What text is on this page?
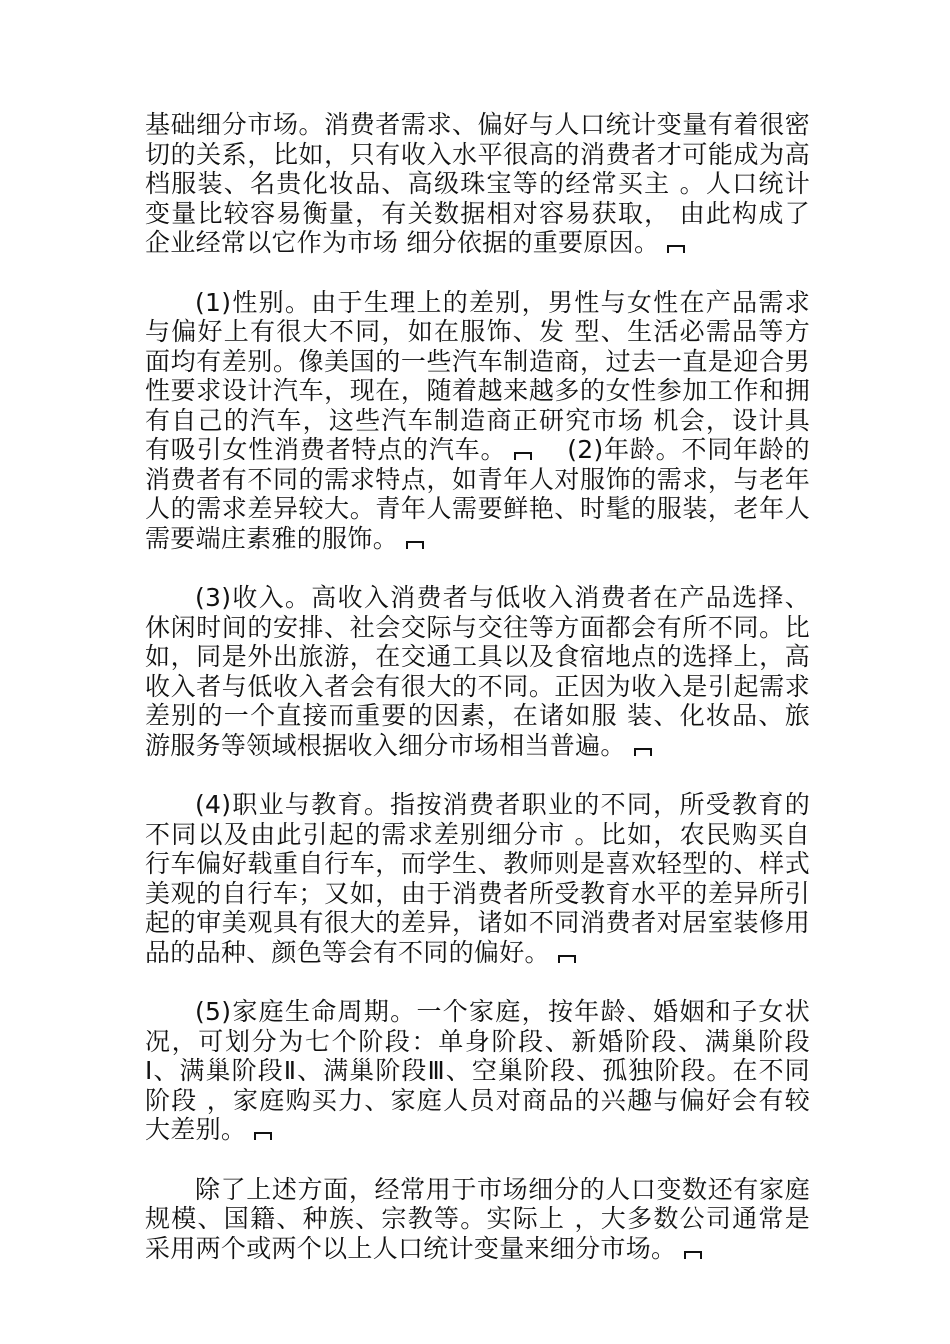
基础细分市场。消费者需求、偏好与人口统计变量有着很密切的关系，比如，只有收入水平很高的消费者才可能成为高档服装、名贵化妆品、高级珠宝等的经常买主 。人口统计变量比较容易衡量，有关数据相对容易获取， 由此构成了企业经常以它作为市场 细分依据的重要原因。

(1)性别。由于生理上的差别，男性与女性在产品需求与偏好上有很大不同，如在服饰、发 型、生活必需品等方面均有差别。像美国的一些汽车制造商，过去一直是迎合男性要求设计汽车，现在，随着越来越多的女性参加工作和拥有自己的汽车，这些汽车制造商正研究市场 机会，设计具有吸引女性消费者特点的汽车。 (2)年龄。不同年龄的消费者有不同的需求特点，如青年人对服饰的需求，与老年人的需求差异较大。青年人需要鲜艳、时髦的服装，老年人需要端庄素雅的服饰。

(3)收入。高收入消费者与低收入消费者在产品选择、休闲时间的安排、社会交际与交往等方面都会有所不同。比如，同是外出旅游，在交通工具以及食宿地点的选择上，高收入者与低收入者会有很大的不同。正因为收入是引起需求差别的一个直接而重要的因素，在诸如服 装、化妆品、旅游服务等领域根据收入细分市场相当普遍。

(4)职业与教育。指按消费者职业的不同，所受教育的不同以及由此引起的需求差别细分市 。比如，农民购买自行车偏好载重自行车，而学生、教师则是喜欢轻型的、样式美观的自行车；又如，由于消费者所受教育水平的差异所引起的审美观具有很大的差异，诸如不同消费者对居室装修用品的品种、颜色等会有不同的偏好。

(5)家庭生命周期。一个家庭，按年龄、婚姻和子女状况，可划分为七个阶段：单身阶段、新婚阶段、满巢阶段Ⅰ、满巢阶段Ⅱ、满巢阶段Ⅲ、空巢阶段、孤独阶段。在不同阶段 ，家庭购买力、家庭人员对商品的兴趣与偏好会有较大差别。

除了上述方面，经常用于市场细分的人口变数还有家庭规模、国籍、种族、宗教等。实际上 ，大多数公司通常是采用两个或两个以上人口统计变量来细分市场。
